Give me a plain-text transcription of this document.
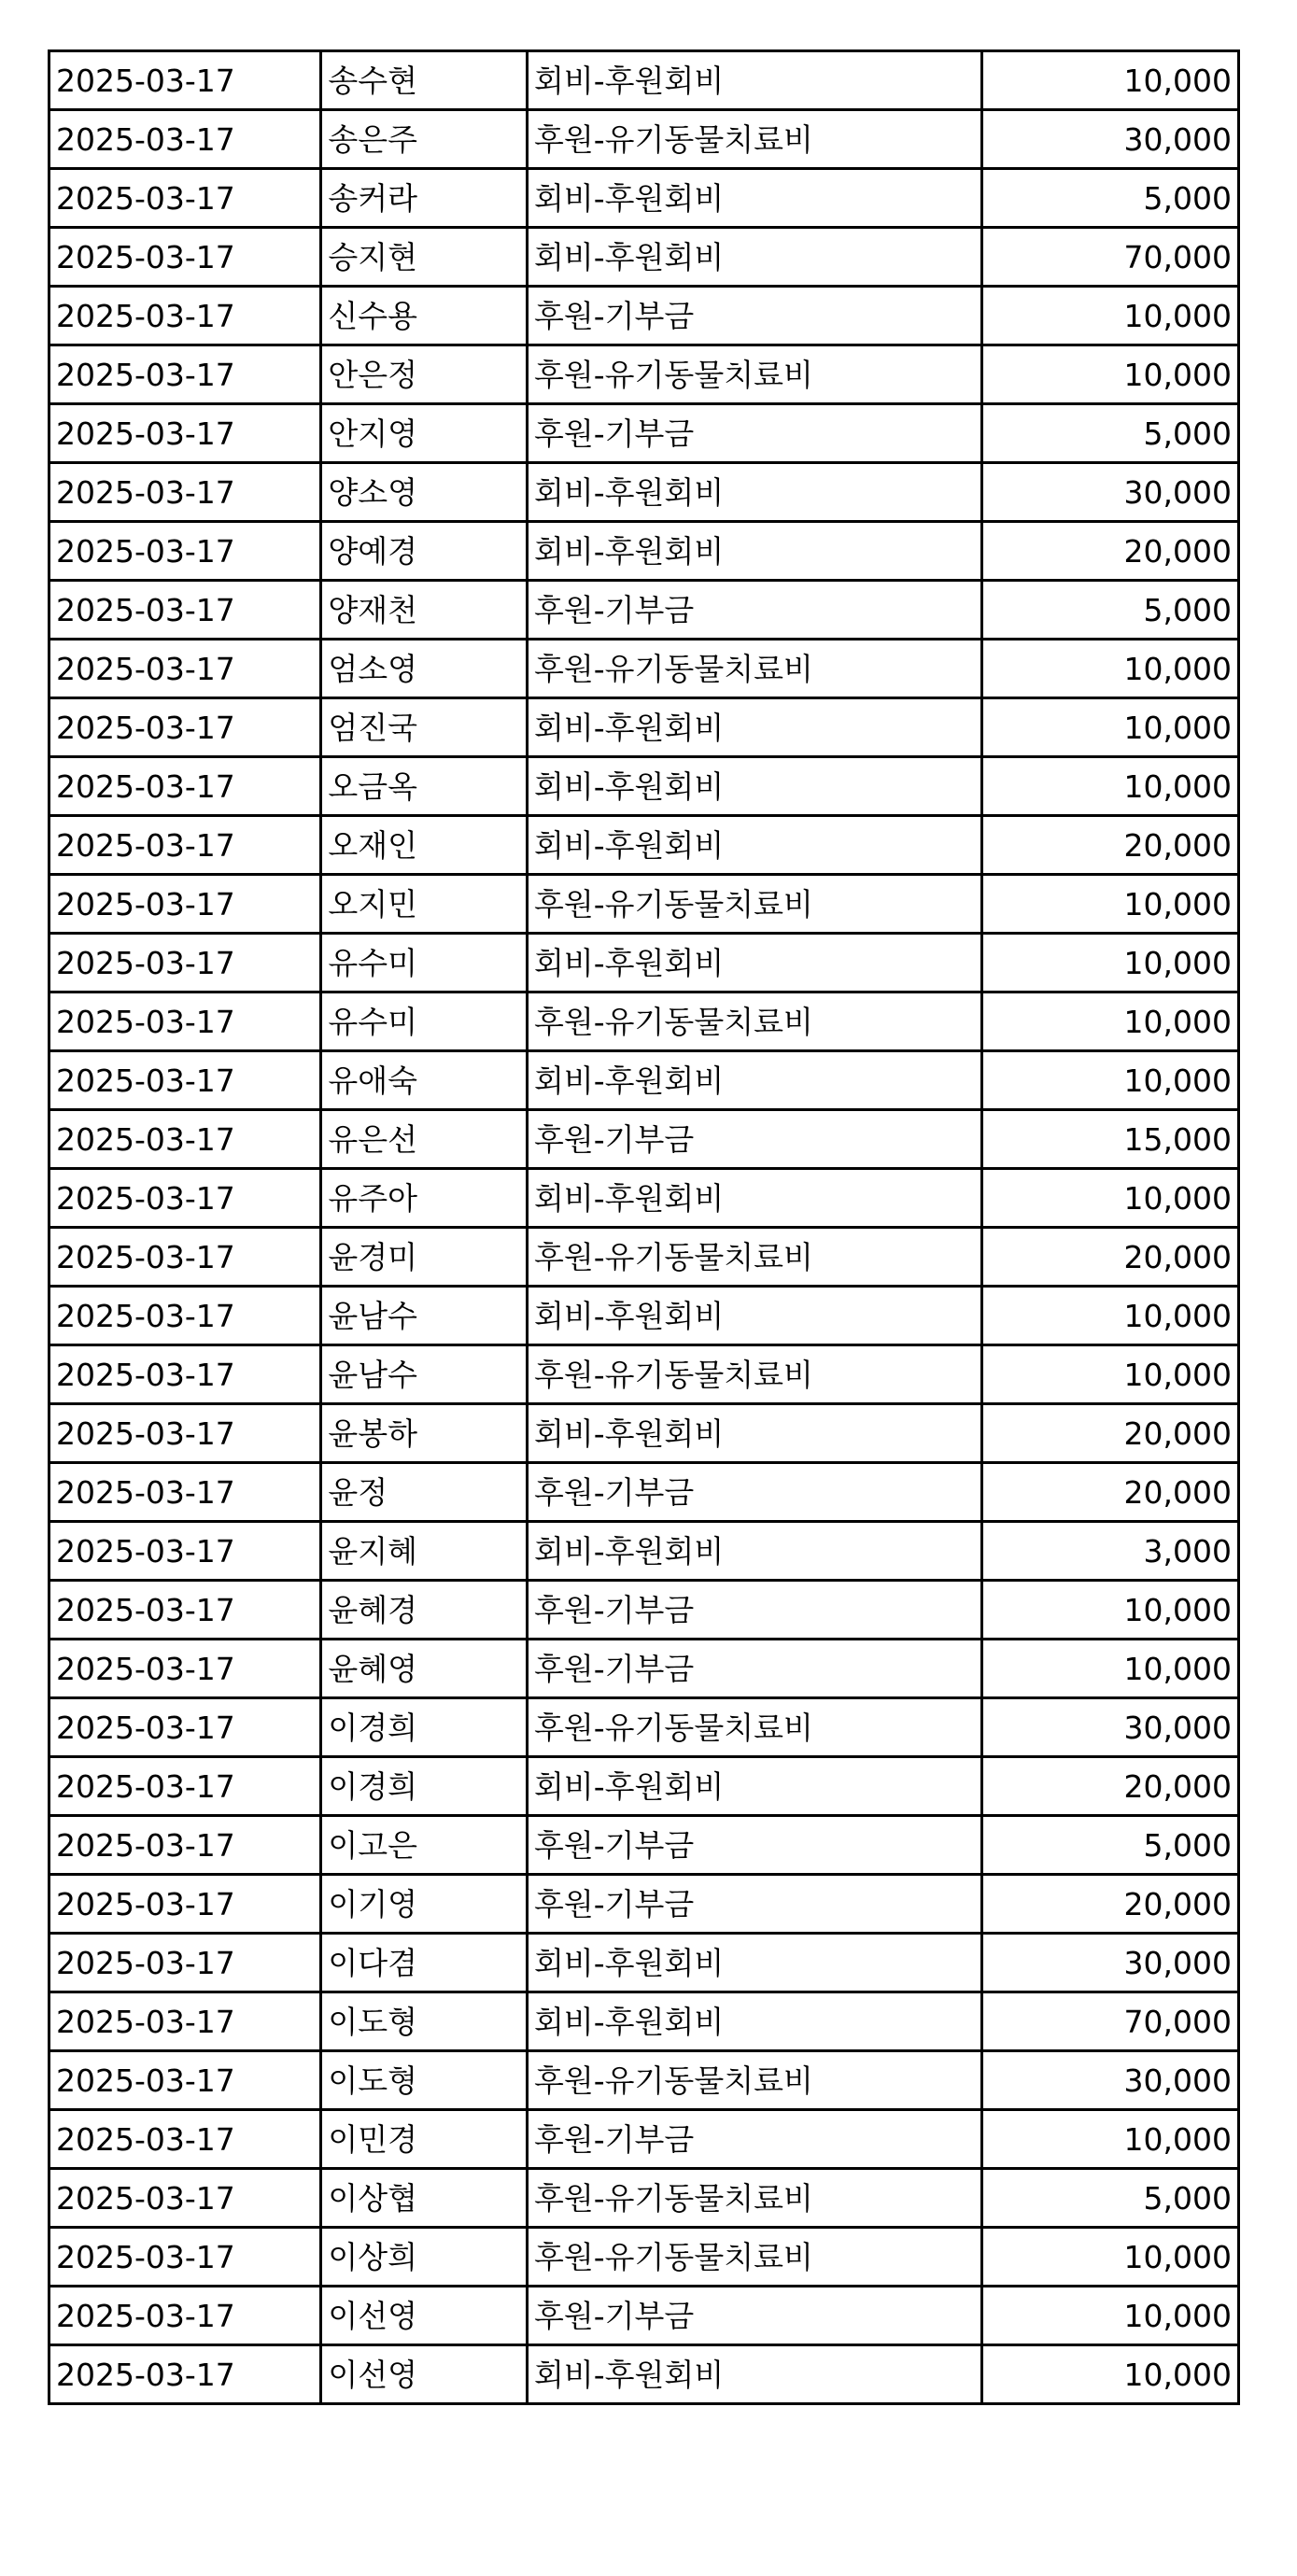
2025-03-17	송수현	회비-후원회비	10,000
2025-03-17	송은주	후원-유기동물치료비	30,000
2025-03-17	송커라	회비-후원회비	5,000
2025-03-17	승지현	회비-후원회비	70,000
2025-03-17	신수용	후원-기부금	10,000
2025-03-17	안은정	후원-유기동물치료비	10,000
2025-03-17	안지영	후원-기부금	5,000
2025-03-17	양소영	회비-후원회비	30,000
2025-03-17	양예경	회비-후원회비	20,000
2025-03-17	양재천	후원-기부금	5,000
2025-03-17	엄소영	후원-유기동물치료비	10,000
2025-03-17	엄진국	회비-후원회비	10,000
2025-03-17	오금옥	회비-후원회비	10,000
2025-03-17	오재인	회비-후원회비	20,000
2025-03-17	오지민	후원-유기동물치료비	10,000
2025-03-17	유수미	회비-후원회비	10,000
2025-03-17	유수미	후원-유기동물치료비	10,000
2025-03-17	유애숙	회비-후원회비	10,000
2025-03-17	유은선	후원-기부금	15,000
2025-03-17	유주아	회비-후원회비	10,000
2025-03-17	윤경미	후원-유기동물치료비	20,000
2025-03-17	윤남수	회비-후원회비	10,000
2025-03-17	윤남수	후원-유기동물치료비	10,000
2025-03-17	윤봉하	회비-후원회비	20,000
2025-03-17	윤정	후원-기부금	20,000
2025-03-17	윤지혜	회비-후원회비	3,000
2025-03-17	윤혜경	후원-기부금	10,000
2025-03-17	윤혜영	후원-기부금	10,000
2025-03-17	이경희	후원-유기동물치료비	30,000
2025-03-17	이경희	회비-후원회비	20,000
2025-03-17	이고은	후원-기부금	5,000
2025-03-17	이기영	후원-기부금	20,000
2025-03-17	이다겸	회비-후원회비	30,000
2025-03-17	이도형	회비-후원회비	70,000
2025-03-17	이도형	후원-유기동물치료비	30,000
2025-03-17	이민경	후원-기부금	10,000
2025-03-17	이상협	후원-유기동물치료비	5,000
2025-03-17	이상희	후원-유기동물치료비	10,000
2025-03-17	이선영	후원-기부금	10,000
2025-03-17	이선영	회비-후원회비	10,000
